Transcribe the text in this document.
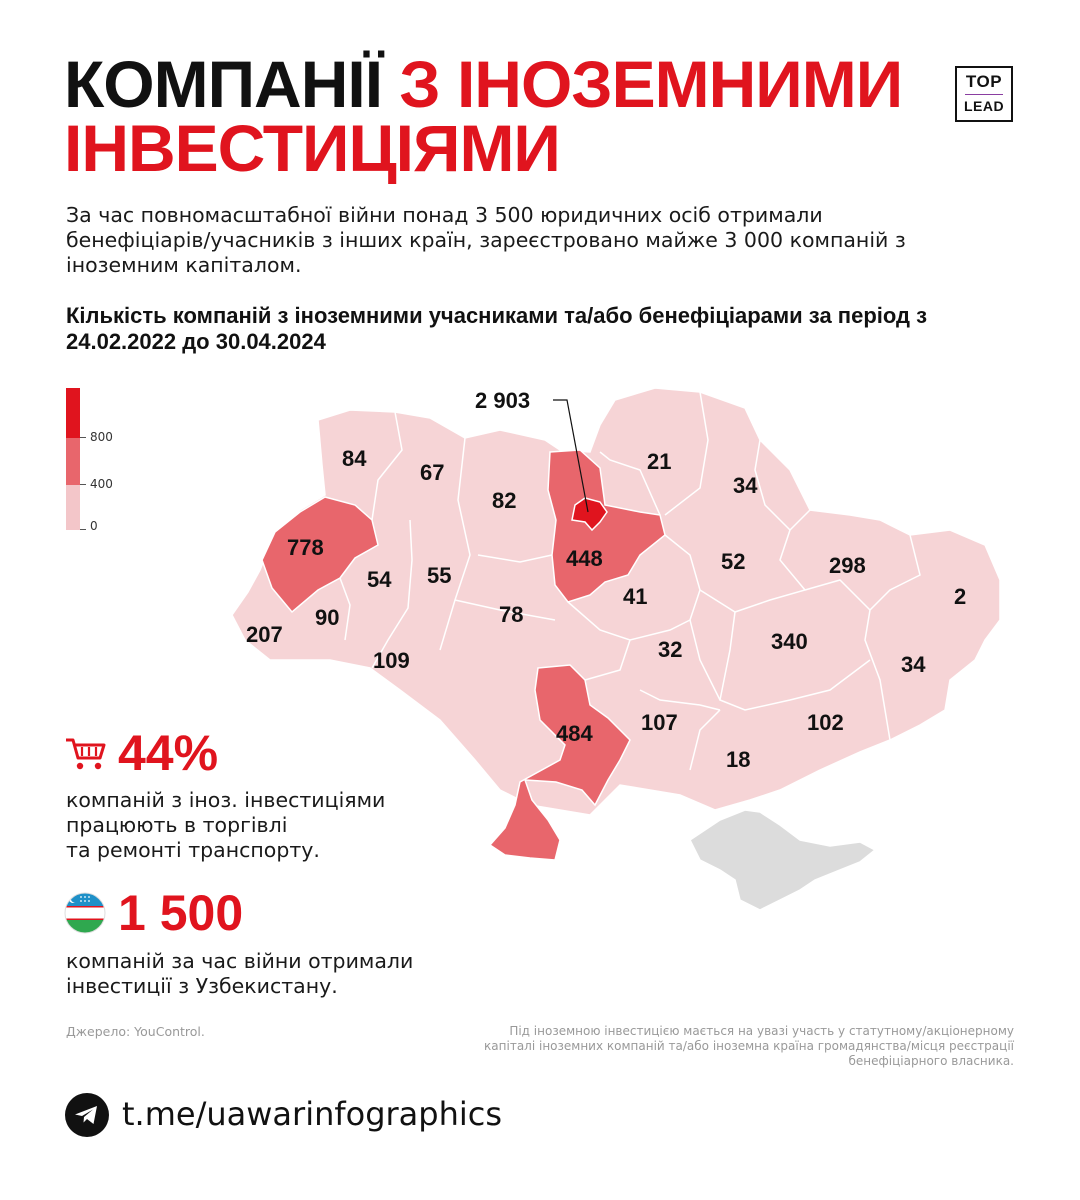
КОМПАНІЇ З ІНОЗЕМНИМИ
ІНВЕСТИЦІЯМИ
TOP
LEAD

За час повномасштабної війни понад 3 500 юридичних осіб отримали бенефіціарів/учасників з інших країн, зареєстровано майже 3 000 компаній з іноземним капіталом.

Кількість компаній з іноземними учасниками та/або бенефіціарами за період з 24.02.2022 до 30.04.2024

800
400
0
2 903
84
67
82
448
21
34
778
54 55
207
90
109
78
41
52	298
2
32	340
34
484 107	102
18
44%

компаній з іноз. інвестиціями
працюють в торгівлі
та ремонті транспорту.

1 500

компаній за час війни отримали
інвестиції з Узбекистану.

Джерело: YouControl.	Під іноземною інвестицією мається на увазі участь у статутному/акціонерному капіталі іноземних компаній та/або іноземна країна громадянства/місця реєстрації бенефіціарного власника.

t.me/uawarinfographics
